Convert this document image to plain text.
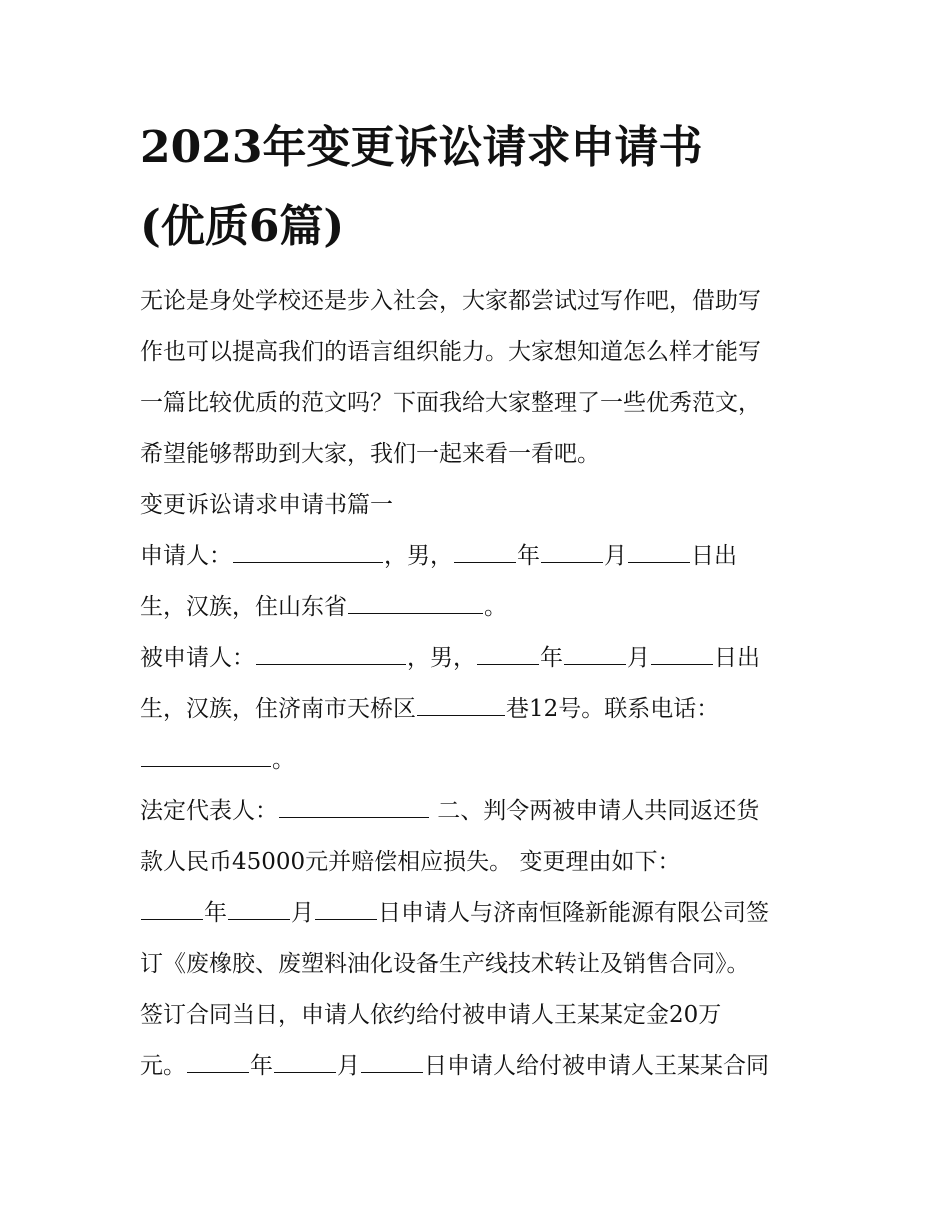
2023年变更诉讼请求申请书
(优质6篇)
无论是身处学校还是步入社会，大家都尝试过写作吧，借助写
作也可以提高我们的语言组织能力。大家想知道怎么样才能写
一篇比较优质的范文吗？下面我给大家整理了一些优秀范文，
希望能够帮助到大家，我们一起来看一看吧。
变更诉讼请求申请书篇一
申请人：	，男，	年	月	日出
生，汉族，住山东省	。
被申请人：	，男，	年	月	日出
生，汉族，住济南市天桥区	巷12号。联系电话：
。
法定代表人：	二、判令两被申请人共同返还货
款人民币45000元并赔偿相应损失。 变更理由如下：
年	月	日申请人与济南恒隆新能源有限公司签
订《废橡胶、废塑料油化设备生产线技术转让及销售合同》。
签订合同当日，申请人依约给付被申请人王某某定金20万
元。	年	月	日申请人给付被申请人王某某合同
